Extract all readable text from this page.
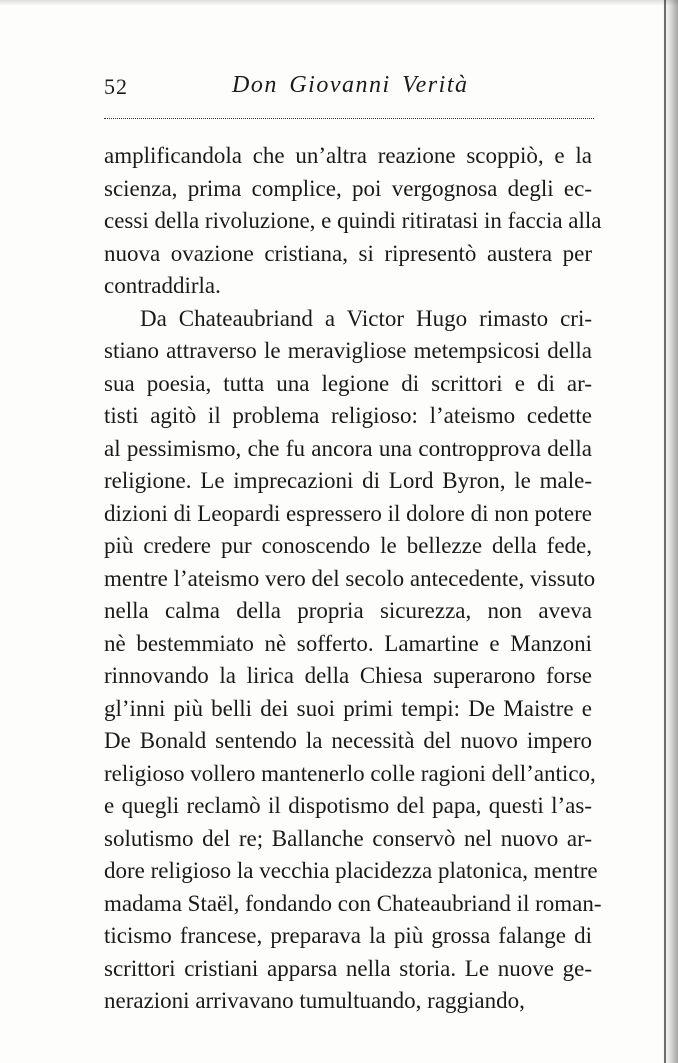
52	Don Giovanni Verità
amplificandola che un’altra reazione scoppiò, e la
scienza, prima complice, poi vergognosa degli ec-
cessi della rivoluzione, e quindi ritiratasi in faccia alla
nuova ovazione cristiana, si ripresentò austera per
contraddirla.
Da Chateaubriand a Victor Hugo rimasto cri-
stiano attraverso le meravigliose metempsicosi della
sua poesia, tutta una legione di scrittori e di ar-
tisti agitò il problema religioso: l’ateismo cedette
al pessimismo, che fu ancora una contropprova della
religione. Le imprecazioni di Lord Byron, le male-
dizioni di Leopardi espressero il dolore di non potere
più credere pur conoscendo le bellezze della fede,
mentre l’ateismo vero del secolo antecedente, vissuto
nella calma della propria sicurezza, non aveva
nè bestemmiato nè sofferto. Lamartine e Manzoni
rinnovando la lirica della Chiesa superarono forse
gl’inni più belli dei suoi primi tempi: De Maistre e
De Bonald sentendo la necessità del nuovo impero
religioso vollero mantenerlo colle ragioni dell’antico,
e quegli reclamò il dispotismo del papa, questi l’as-
solutismo del re; Ballanche conservò nel nuovo ar-
dore religioso la vecchia placidezza platonica, mentre
madama Staël, fondando con Chateaubriand il roman-
ticismo francese, preparava la più grossa falange di
scrittori cristiani apparsa nella storia. Le nuove ge-
nerazioni arrivavano tumultuando, raggiando,
